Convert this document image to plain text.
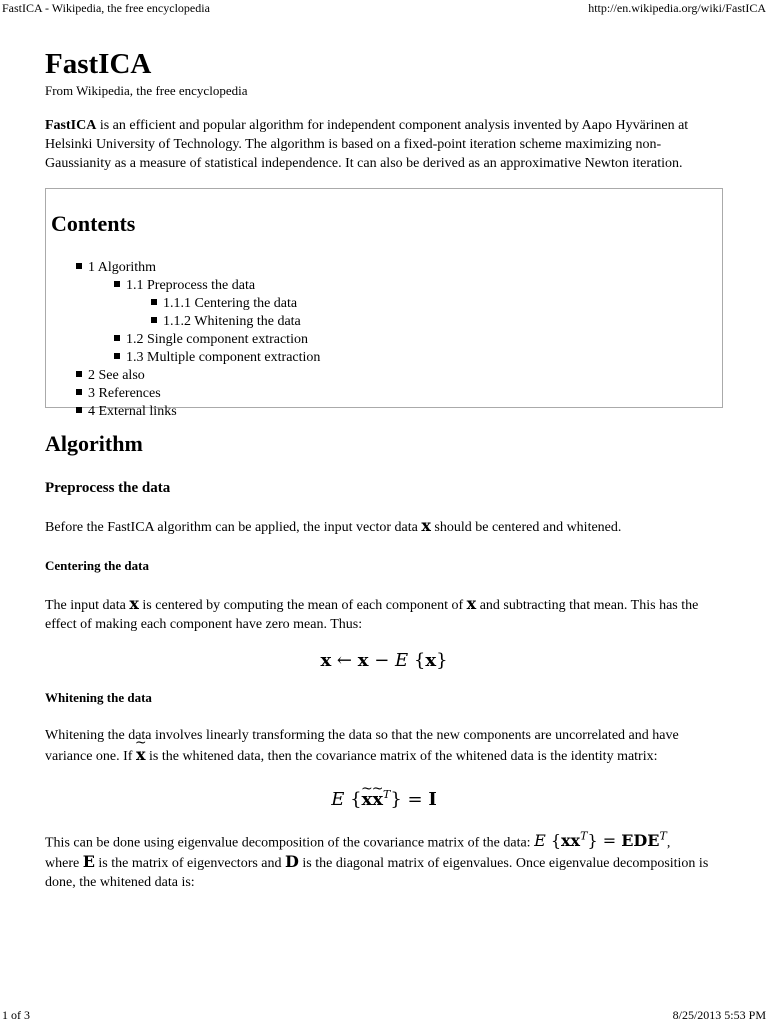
FastICA - Wikipedia, the free encyclopedia	http://en.wikipedia.org/wiki/FastICA
FastICA
From Wikipedia, the free encyclopedia

FastICA is an efficient and popular algorithm for independent component analysis invented by Aapo Hyvärinen at Helsinki University of Technology. The algorithm is based on a fixed-point iteration scheme maximizing non-Gaussianity as a measure of statistical independence. It can also be derived as an approximative Newton iteration.

Contents
1 Algorithm
1.1 Preprocess the data
1.1.1 Centering the data
1.1.2 Whitening the data
1.2 Single component extraction
1.3 Multiple component extraction
2 See also
3 References
4 External links
Algorithm
Preprocess the data

Before the FastICA algorithm can be applied, the input vector data x should be centered and whitened.

Centering the data

The input data x is centered by computing the mean of each component of x and subtracting that mean. This has the effect of making each component have zero mean. Thus:

x ← x − E {x}
Whitening the data

Whitening the data involves linearly transforming the data so that the new components are uncorrelated and have variance one. If ~ x is the whitened data, then the covariance matrix of the whitened data is the identity matrix:

E {~ x~ $x^T\} = I$

This can be done using eigenvalue decomposition of the covariance matrix of the data: E $\{xx^T\} = EDE^T$,

where E is the matrix of eigenvectors and D is the diagonal matrix of eigenvalues. Once eigenvalue decomposition is done, the whitened data is:

1 of 3	8/25/2013 5:53 PM
